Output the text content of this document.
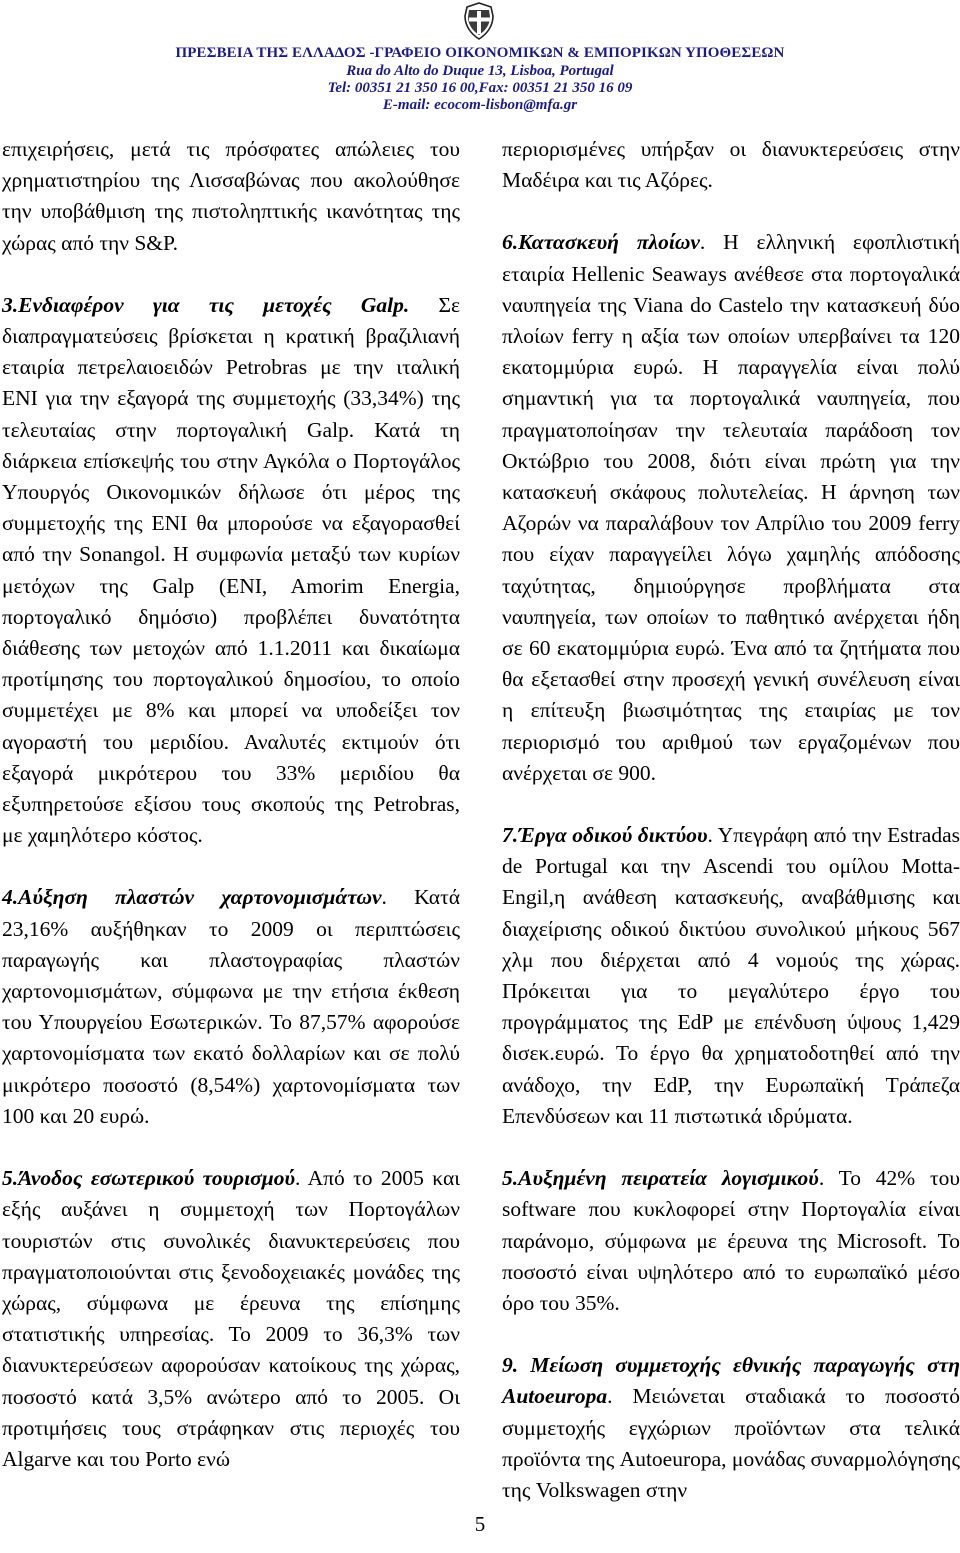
ΠΡΕΣΒΕΙΑ ΤΗΣ ΕΛΛΑΔΟΣ -ΓΡΑΦΕΙΟ ΟΙΚΟΝΟΜΙΚΩΝ & ΕΜΠΟΡΙΚΩΝ ΥΠΟΘΕΣΕΩΝ
Rua do Alto do Duque 13, Lisboa, Portugal
Tel: 00351 21 350 16 00,Fax: 00351 21 350 16 09
E-mail: ecocom-lisbon@mfa.gr

επιχειρήσεις, μετά τις πρόσφατες απώλειες του χρηματιστηρίου της Λισσαβώνας που ακολούθησε την υποβάθμιση της πιστοληπτικής ικανότητας της χώρας από την S&P.

3.Ενδιαφέρον για τις μετοχές Galp. Σε διαπραγματεύσεις βρίσκεται η κρατική βραζιλιανή εταιρία πετρελαιοειδών Petrobras με την ιταλική ENI για την εξαγορά της συμμετοχής (33,34%) της τελευταίας στην πορτογαλική Galp. Κατά τη διάρκεια επίσκεψής του στην Αγκόλα ο Πορτογάλος Υπουργός Οικονομικών δήλωσε ότι μέρος της συμμετοχής της ENI θα μπορούσε να εξαγορασθεί από την Sonangol. Η συμφωνία μεταξύ των κυρίων μετόχων της Galp (ENI, Amorim Energia, πορτογαλικό δημόσιο) προβλέπει δυνατότητα διάθεσης των μετοχών από 1.1.2011 και δικαίωμα προτίμησης του πορτογαλικού δημοσίου, το οποίο συμμετέχει με 8% και μπορεί να υποδείξει τον αγοραστή του μεριδίου. Αναλυτές εκτιμούν ότι εξαγορά μικρότερου του 33% μεριδίου θα εξυπηρετούσε εξίσου τους σκοπούς της Petrobras, με χαμηλότερο κόστος.

4.Αύξηση πλαστών χαρτονομισμάτων. Κατά 23,16% αυξήθηκαν το 2009 οι περιπτώσεις παραγωγής και πλαστογραφίας πλαστών χαρτονομισμάτων, σύμφωνα με την ετήσια έκθεση του Υπουργείου Εσωτερικών. Το 87,57% αφορούσε χαρτονομίσματα των εκατό δολλαρίων και σε πολύ μικρότερο ποσοστό (8,54%) χαρτονομίσματα των 100 και 20 ευρώ.

5.Άνοδος εσωτερικού τουρισμού. Από το 2005 και εξής αυξάνει η συμμετοχή των Πορτογάλων τουριστών στις συνολικές διανυκτερεύσεις που πραγματοποιούνται στις ξενοδοχειακές μονάδες της χώρας, σύμφωνα με έρευνα της επίσημης στατιστικής υπηρεσίας. Το 2009 το 36,3% των διανυκτερεύσεων αφορούσαν κατοίκους της χώρας, ποσοστό κατά 3,5% ανώτερο από το 2005. Οι προτιμήσεις τους στράφηκαν στις περιοχές του Algarve και του Porto ενώ

περιορισμένες υπήρξαν οι διανυκτερεύσεις στην Μαδέιρα και τις Αζόρες.

6.Κατασκευή πλοίων. Η ελληνική εφοπλιστική εταιρία Hellenic Seaways ανέθεσε στα πορτογαλικά ναυπηγεία της Viana do Castelo την κατασκευή δύο πλοίων ferry η αξία των οποίων υπερβαίνει τα 120 εκατομμύρια ευρώ. Η παραγγελία είναι πολύ σημαντική για τα πορτογαλικά ναυπηγεία, που πραγματοποίησαν την τελευταία παράδοση τον Οκτώβριο του 2008, διότι είναι πρώτη για την κατασκευή σκάφους πολυτελείας. Η άρνηση των Αζορών να παραλάβουν τον Απρίλιο του 2009 ferry που είχαν παραγγείλει λόγω χαμηλής απόδοσης ταχύτητας, δημιούργησε προβλήματα στα ναυπηγεία, των οποίων το παθητικό ανέρχεται ήδη σε 60 εκατομμύρια ευρώ. Ένα από τα ζητήματα που θα εξετασθεί στην προσεχή γενική συνέλευση είναι η επίτευξη βιωσιμότητας της εταιρίας με τον περιορισμό του αριθμού των εργαζομένων που ανέρχεται σε 900.

7.Έργα οδικού δικτύου. Υπεγράφη από την Estradas de Portugal και την Ascendi του ομίλου Motta-Engil,η ανάθεση κατασκευής, αναβάθμισης και διαχείρισης οδικού δικτύου συνολικού μήκους 567 χλμ που διέρχεται από 4 νομούς της χώρας. Πρόκειται για το μεγαλύτερο έργο του προγράμματος της EdP με επένδυση ύψους 1,429 δισεκ.ευρώ. Το έργο θα χρηματοδοτηθεί από την ανάδοχο, την EdP, την Ευρωπαϊκή Τράπεζα Επενδύσεων και 11 πιστωτικά ιδρύματα.

5.Αυξημένη πειρατεία λογισμικού. Το 42% του software που κυκλοφορεί στην Πορτογαλία είναι παράνομο, σύμφωνα με έρευνα της Microsoft. Το ποσοστό είναι υψηλότερο από το ευρωπαϊκό μέσο όρο του 35%.

9. Μείωση συμμετοχής εθνικής παραγωγής στη Autoeuropa. Μειώνεται σταδιακά το ποσοστό συμμετοχής εγχώριων προϊόντων στα τελικά προϊόντα της Autoeuropa, μονάδας συναρμολόγησης της Volkswagen στην

5
